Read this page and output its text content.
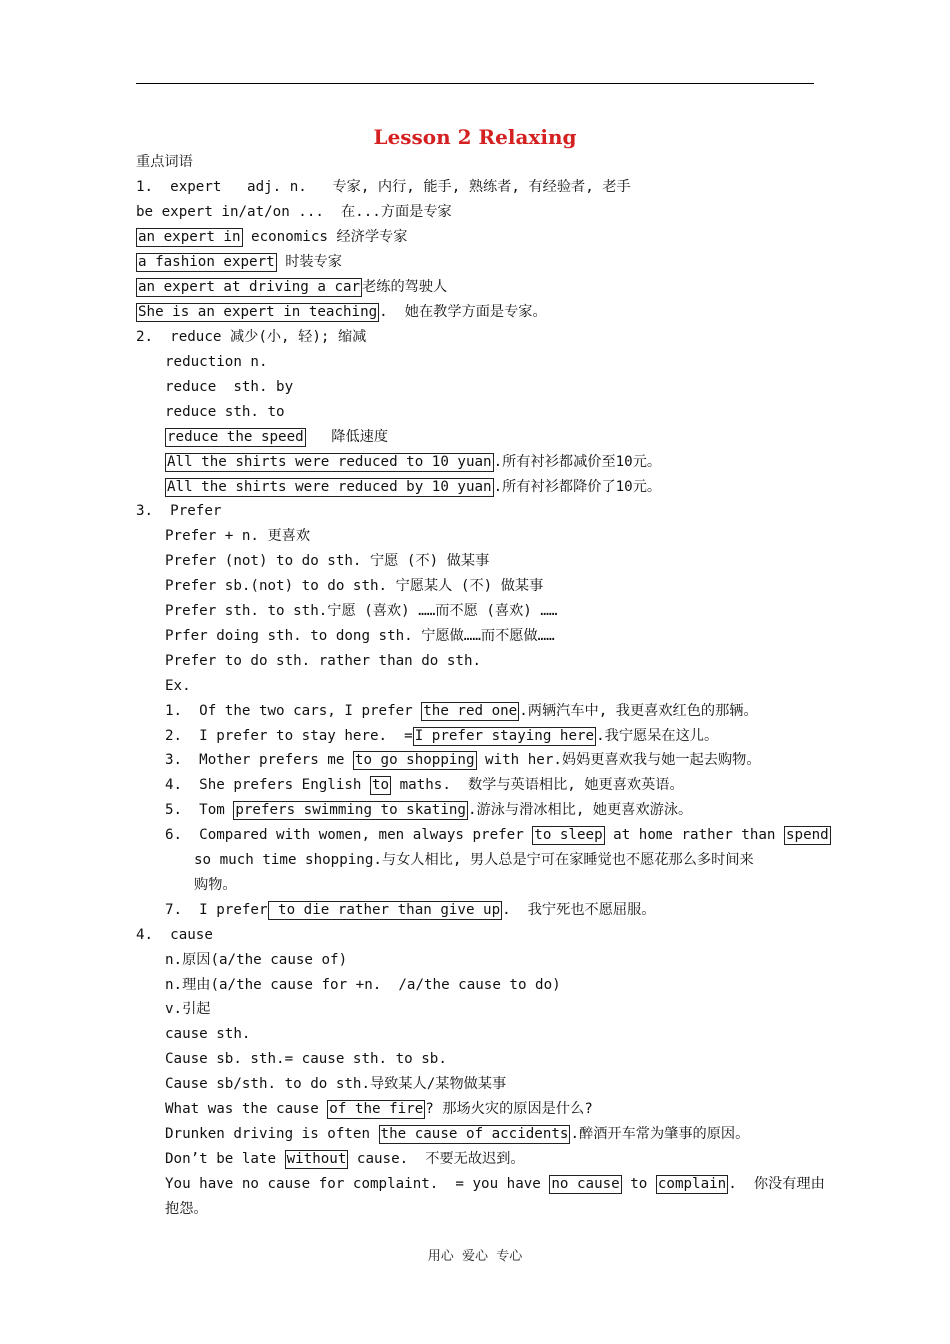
Lesson 2 Relaxing
重点词语
1.  expert   adj. n.   专家, 内行, 能手, 熟练者, 有经验者, 老手
be expert in/at/on ...  在...方面是专家
an expert in economics 经济学专家
a fashion expert 时装专家
an expert at driving a car 老练的驾驶人
She is an expert in teaching .  她在教学方面是专家。
2.  reduce 减少(小, 轻); 缩减
reduction n.
reduce  sth. by
reduce sth. to
reduce the speed   降低速度
All the shirts were reduced to 10 yuan .所有衬衫都减价至10元。
All the shirts were reduced by 10 yuan .所有衬衫都降价了10元。
3.  Prefer
Prefer + n. 更喜欢
Prefer (not) to do sth. 宁愿 (不) 做某事
Prefer sb.(not) to do sth. 宁愿某人 (不) 做某事
Prefer sth. to sth.宁愿 (喜欢) ……而不愿 (喜欢) ……
Prfer doing sth. to dong sth. 宁愿做……而不愿做……
Prefer to do sth. rather than do sth.
Ex.
1.  Of the two cars, I prefer the red one .两辆汽车中, 我更喜欢红色的那辆。
2.  I prefer to stay here.  = I prefer staying here .我宁愿呆在这儿。
3.  Mother prefers me to go shopping with her.妈妈更喜欢我与她一起去购物。
4.  She prefers English to maths.  数学与英语相比, 她更喜欢英语。
5.  Tom prefers swimming to skating .游泳与滑冰相比, 她更喜欢游泳。
6.  Compared with women, men always prefer to sleep at home rather than spend
so much time shopping.与女人相比, 男人总是宁可在家睡觉也不愿花那么多时间来
购物。
7.  I prefer to die rather than give up .  我宁死也不愿屈服。
4.  cause
n.原因(a/the cause of)
n.理由(a/the cause for +n.  /a/the cause to do)
v.引起
cause sth.
Cause sb. sth.= cause sth. to sb.
Cause sb/sth. to do sth.导致某人/某物做某事
What was the cause of the fire ? 那场火灾的原因是什么?
Drunken driving is often the cause of accidents .醉酒开车常为肇事的原因。
Don’t be late without cause.  不要无故迟到。
You have no cause for complaint.  = you have no cause to complain .  你没有理由
抱怨。
用心  爱心  专心
